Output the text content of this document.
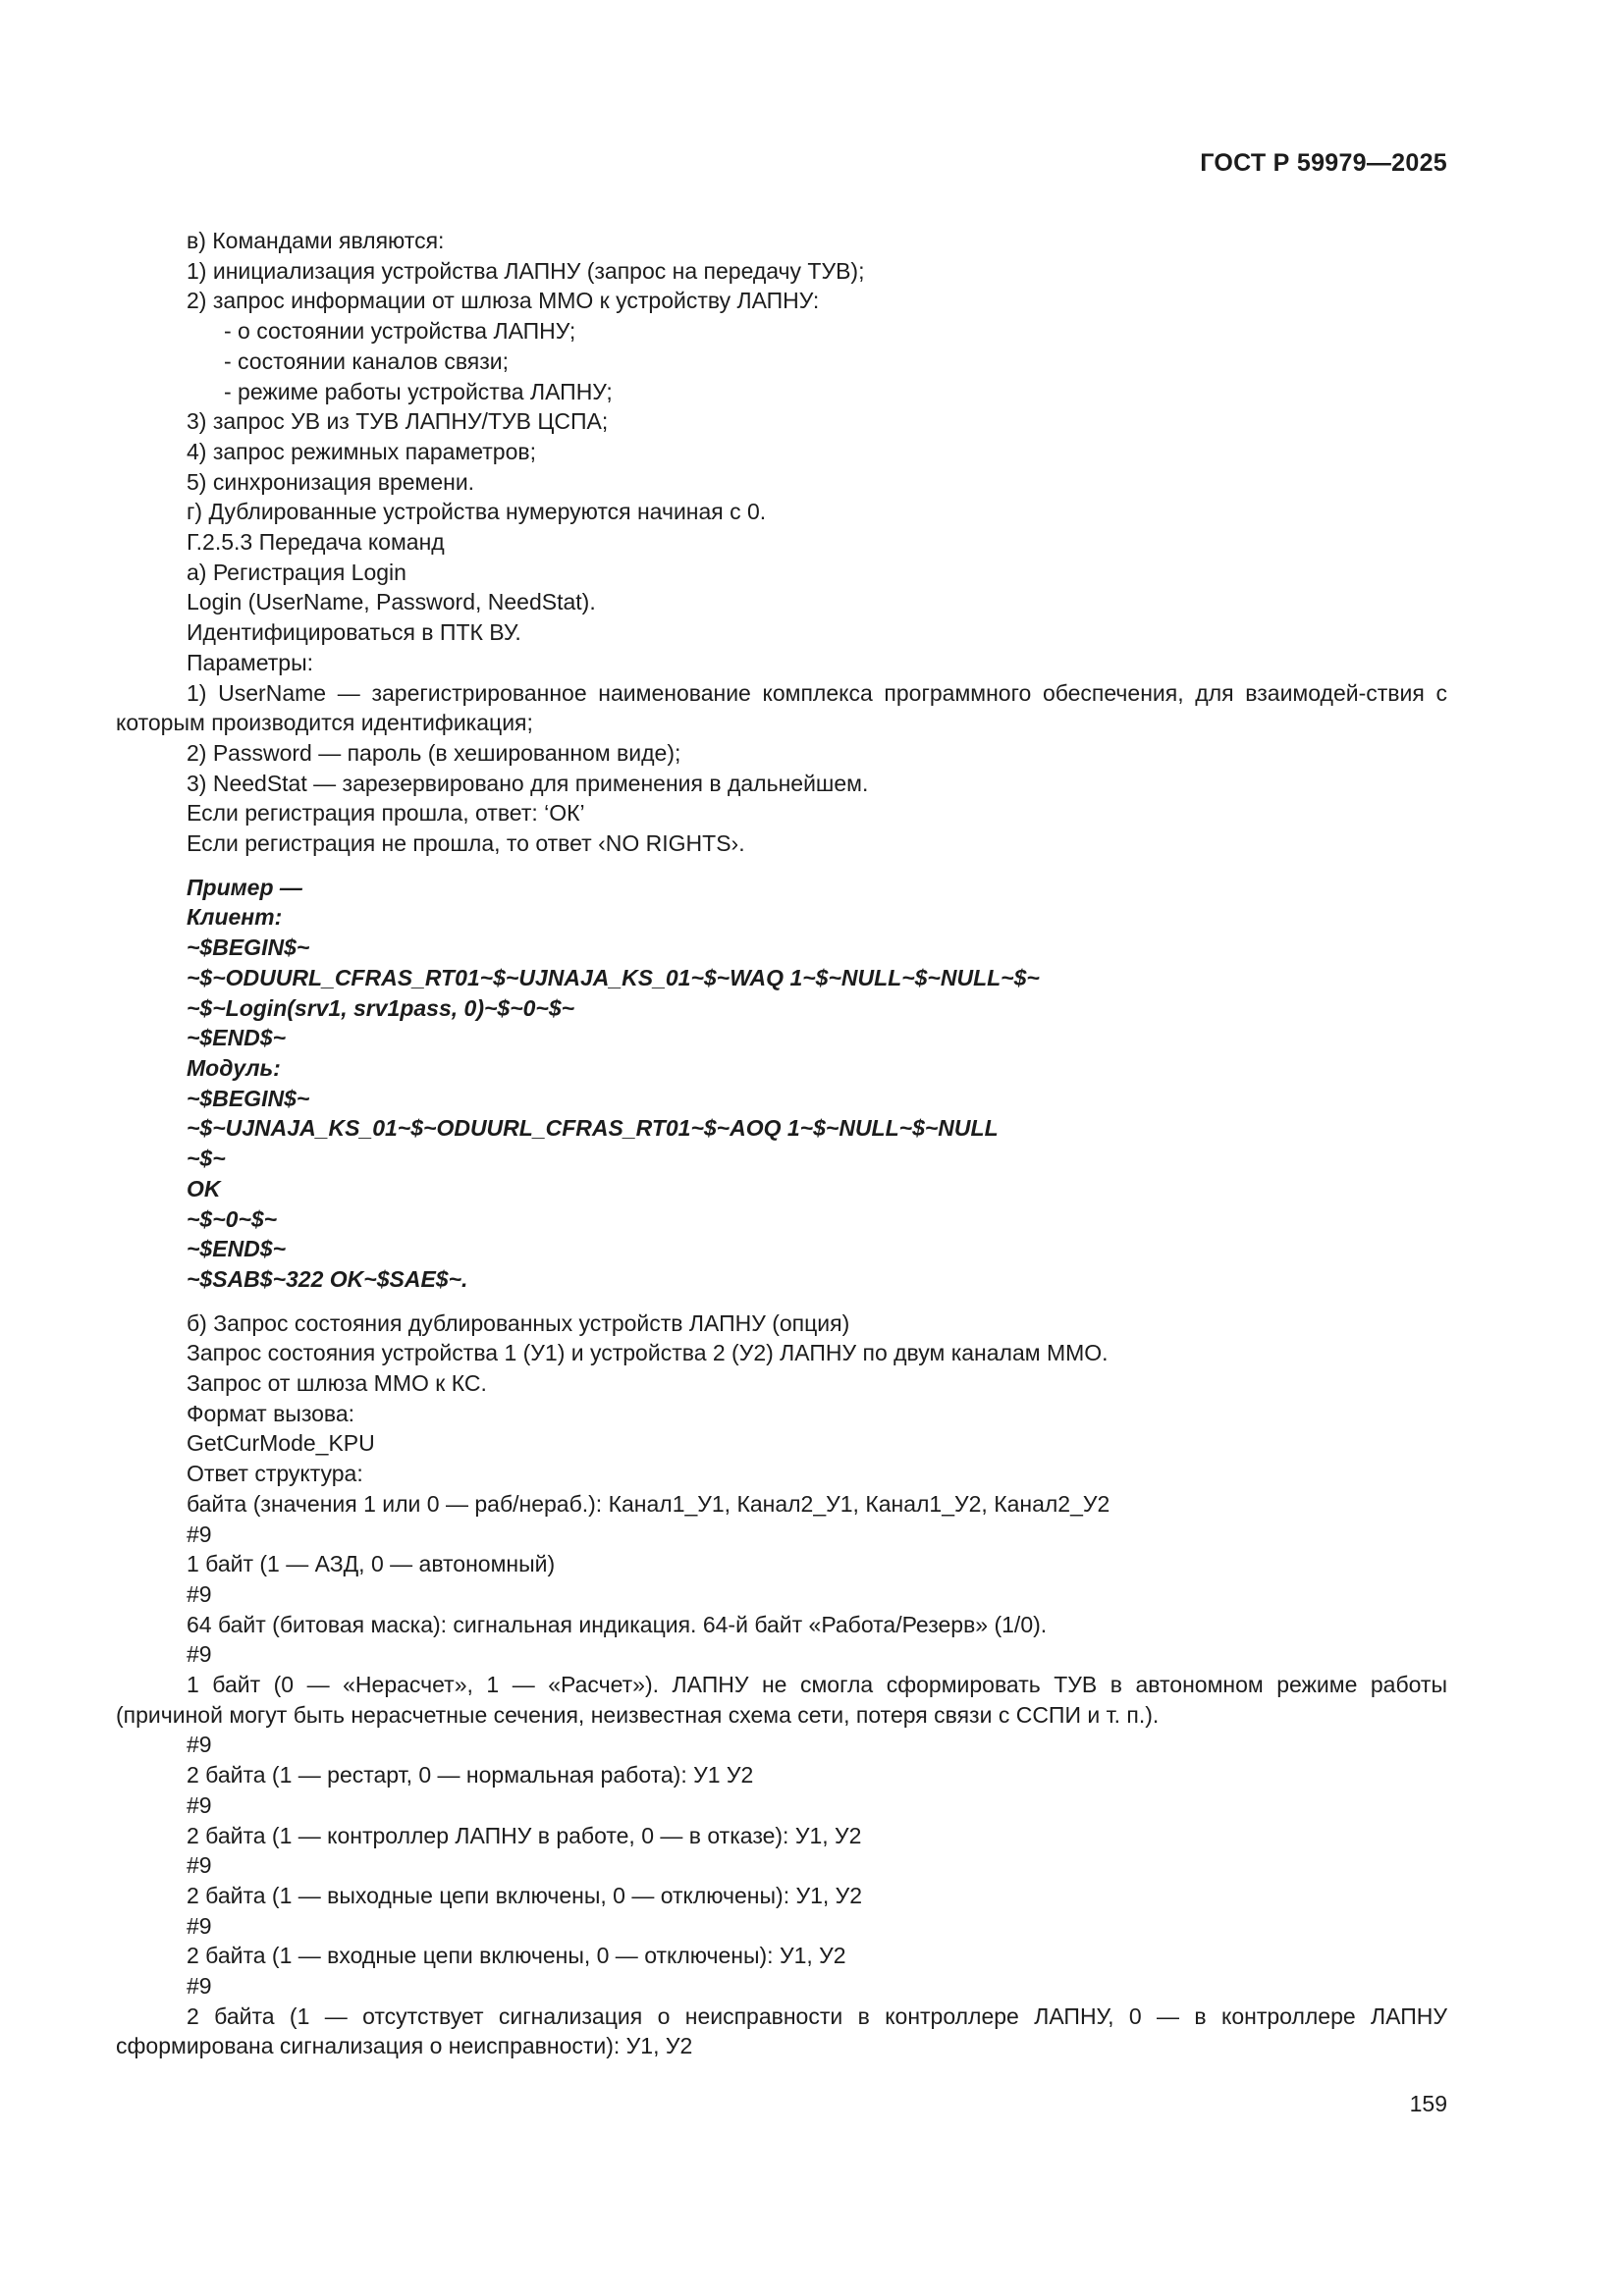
ГОСТ Р 59979—2025
в) Командами являются:
1) инициализация устройства ЛАПНУ (запрос на передачу ТУВ);
2) запрос информации от шлюза ММО к устройству ЛАПНУ:
- о состоянии устройства ЛАПНУ;
- состоянии каналов связи;
- режиме работы устройства ЛАПНУ;
3) запрос УВ из ТУВ ЛАПНУ/ТУВ ЦСПА;
4) запрос режимных параметров;
5) синхронизация времени.
г) Дублированные устройства нумеруются начиная с 0.
Г.2.5.3 Передача команд
а) Регистрация Login
Login (UserName, Password, NeedStat).
Идентифицироваться в ПТК ВУ.
Параметры:
1) UserName — зарегистрированное наименование комплекса программного обеспечения, для взаимодей-ствия с которым производится идентификация;
2) Password — пароль (в хешированном виде);
3) NeedStat — зарезервировано для применения в дальнейшем.
Если регистрация прошла, ответ: ‘ОК’
Если регистрация не прошла, то ответ ‹NO RIGHTS›.
Пример —
Клиент:
~$BEGIN$~
~$~ODUURL_CFRAS_RT01~$~UJNAJA_KS_01~$~WAQ 1~$~NULL~$~NULL~$~
~$~Login(srv1, srv1pass, 0)~$~0~$~
~$END$~
Модуль:
~$BEGIN$~
~$~UJNAJA_KS_01~$~ODUURL_CFRAS_RT01~$~AOQ 1~$~NULL~$~NULL
~$~
OK
~$~0~$~
~$END$~
~$SAB$~322 OK~$SAE$~.
б) Запрос состояния дублированных устройств ЛАПНУ (опция)
Запрос состояния устройства 1 (У1) и устройства 2 (У2) ЛАПНУ по двум каналам ММО.
Запрос от шлюза ММО к КС.
Формат вызова:
GetCurMode_KPU
Ответ структура:
байта (значения 1 или 0 — раб/нераб.): Канал1_У1, Канал2_У1, Канал1_У2, Канал2_У2
#9
1 байт (1 — АЗД, 0 — автономный)
#9
64 байт (битовая маска): сигнальная индикация. 64-й байт «Работа/Резерв» (1/0).
#9
1 байт (0 — «Нерасчет», 1 — «Расчет»). ЛАПНУ не смогла сформировать ТУВ в автономном режиме работы (причиной могут быть нерасчетные сечения, неизвестная схема сети, потеря связи с ССПИ и т. п.).
#9
2 байта (1 — рестарт, 0 — нормальная работа): У1 У2
#9
2 байта (1 — контроллер ЛАПНУ в работе, 0 — в отказе): У1, У2
#9
2 байта (1 — выходные цепи включены, 0 — отключены): У1, У2
#9
2 байта (1 — входные цепи включены, 0 — отключены): У1, У2
#9
2 байта (1 — отсутствует сигнализация о неисправности в контроллере ЛАПНУ, 0 — в контроллере ЛАПНУ сформирована сигнализация о неисправности): У1, У2
159
